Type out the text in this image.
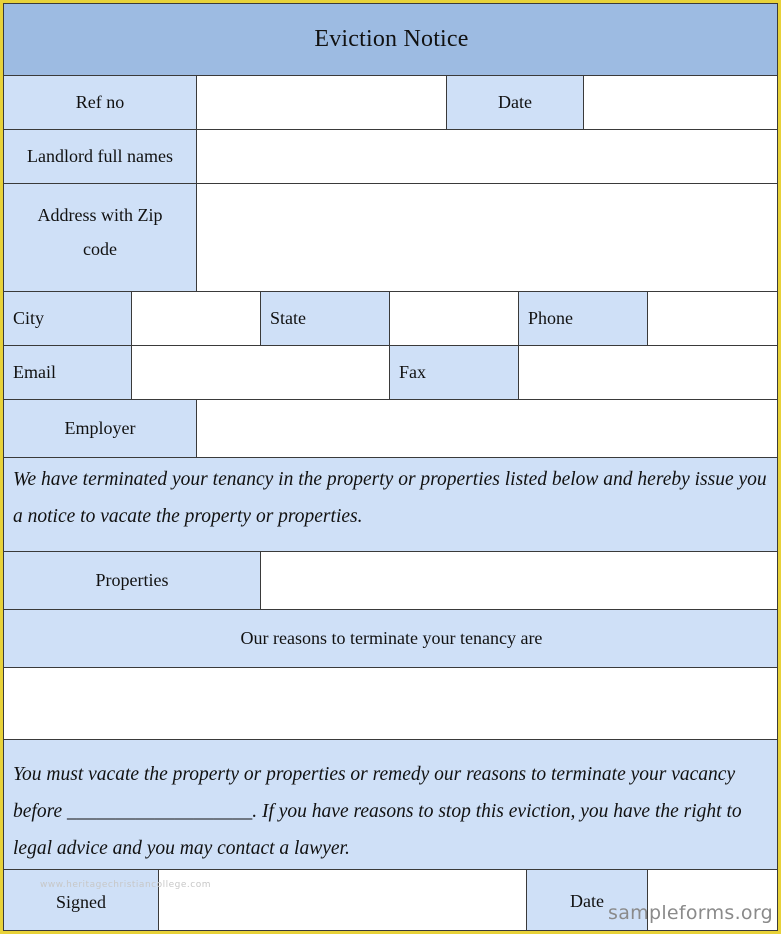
Eviction Notice
Ref no	Date
Landlord full names
Address with Zip code
City	State	Phone
Email	Fax
Employer
We have terminated your tenancy in the property or properties listed below and hereby issue you a notice to vacate the property or properties.
Properties
Our reasons to terminate your tenancy are
You must vacate the property or properties or remedy our reasons to terminate your vacancy before ___________________. If you have reasons to stop this eviction, you have the right to legal advice and you may contact a lawyer.
Signed	Date
www.heritagechristiancollege.com
sampleforms.org
